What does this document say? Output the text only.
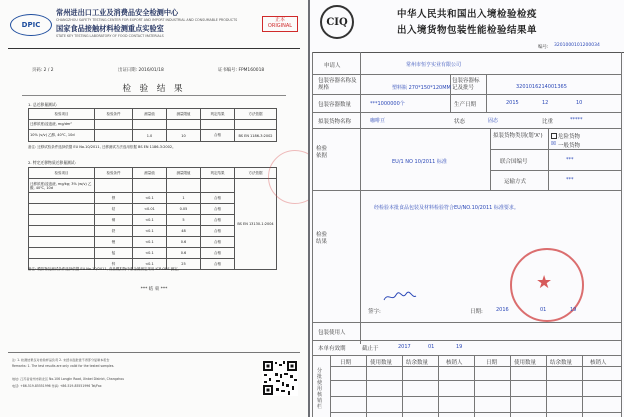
DPIC
常州进出口工业及消费品安全检测中心
CHANGZHOU SAFETY TESTING CENTER FOR EXPORT AND IMPORT INDUSTRIAL AND CONSUMABLE PRODUCTS
国家食品接触材料检测重点实验室
STATE KEY TESTING LABORATORY OF FOOD CONTACT MATERIALS
正本
ORIGINAL
页码: 2 / 2	出证日期: 2016/01/18	证书编号: FPM160018
检 验 结 果
1. 总迁移量测试:
检验项目	检验条件	测量值	测量限值	判定结果	方法依据
迁移浓度/浸泡液, mg/dm²					
10% (v/v) 乙醇, 40℃, 10d		1.0	10	合格	BS EN 1186-3:2002
备注: 迁移试验条件选择依据 EU No.10/2011, 迁移测试方法选用依据 BS EN 1186-3:2002。
2. 特定迁移物质迁移量测试:
检验项目	检验条件	测量值	测量限值	判定结果	方法依据
迁移浓度/浸泡液, mg/kg; 3% (w/v) 乙酸, 40℃, 10d					BS EN 13130-1:2004
	钡	<0.1	1	合格	
	钴	<0.01	0.05	合格	
	铜	<0.1	5	合格	
	铁	<0.1	48	合格	
	锂	<0.1	0.6	合格	
	锰	<0.1	0.6	合格	
	锌	<0.1	25	合格	
备注: 模拟物及测试条件选择依据 EU No.10/2011, 食品模拟物中重金属测定采用 ICP-OES 测定。
*** 结 束 ***
注: 1. 检测结果仅对检验样品负责 2. 未经书面批准不得部分复制本报告
Remarks: 1. The test results are only valid for the tested samples.
地址: 江苏省常州市新北区 No.106 Longjin Road, Xinbei District, Changzhou
电话: +86-519-85551996 传真: +86-519-85551996 Tel/Fax
CIQ
中华人民共和国出入境检验检疫
出入境货物包装性能检验结果单
编号: 3201000101200034
申请人	常州市恒亨实业有限公司
包装容器名称及规格	塑料瓶 270*150*120MM
包装容器标记及批号	3201016214001365
包装容器数量	***1000000个	生产日期	2015	12	10
拟装货物名称	咖啡豆	状态	固态	比重	*****
拟装货物类别(划'X')	危险货物
☒ 一般货物
联合国编号	***
运输方式	***
检验依据
EU/1 NO 10/2011 标准
检验结果
经检验本批食品包装及材料检验符合EU/NO.10/2011 标准要求。
★
签字:	日期:	2016	01	19
包装使用人
本单有效期	截止于	2017	01	19
分批使用核销栏
日期	使用数量	结余数量	核销人	日期	使用数量	结余数量	核销人
